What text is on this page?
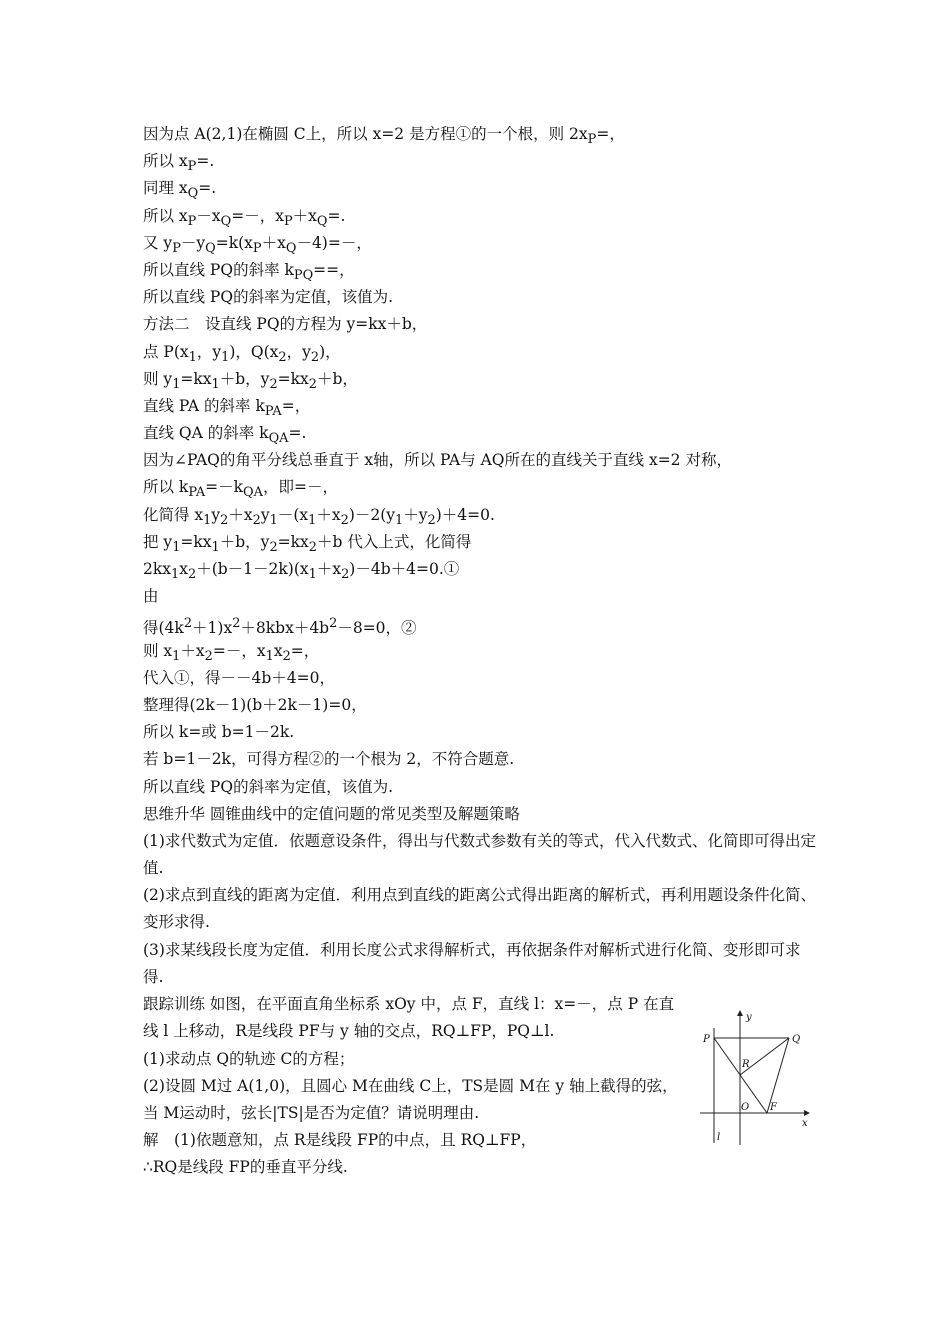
因为点 A(2,1)在椭圆 C上，所以 x=2 是方程①的一个根，则 $2x_P=$，
所以 $x_P=$.
同理 $x_Q=$.
所以 $x_P-x_Q=-$，$x_P+x_Q=$.
又 $y_P-y_Q=k(x_P+x_Q-4)=-$，
所以直线 PQ的斜率 $k_{PQ}==$，
所以直线 PQ的斜率为定值，该值为.
方法二　设直线 PQ的方程为 y=kx＋b，
点 $P(x_1$，$y_1$)，$Q(x_2$，$y_2$)，
则 $y_1=kx_1+b$，$y_2=kx_2+b$，
直线 PA 的斜率 $k_{PA}=$，
直线 QA 的斜率 $k_{QA}=$.
因为∠PAQ的角平分线总垂直于 x轴，所以 PA与 AQ所在的直线关于直线 x=2 对称，
所以 $k_{PA}=-k_{QA}$，即=－，
化简得 $x_1y_2+x_2y_1-(x_1+x_2)-2(y_1+y_2)+4=0$.
把 $y_1=kx_1+b$，$y_2=kx_2+b$ 代入上式，化简得
$2kx_1x_2+(b-1-2k)(x_1+x_2)-4b+4=0.①$
由
得$(4k^2+1)x^2+8kbx+4b^2-8=0$，②
则 $x_1+x_2=-$，$x_1x_2=$，
代入①，得－－4b＋4=0，
整理得(2k－1)(b＋2k－1)=0，
所以 k=或 b=1－2k.
若 b=1－2k，可得方程②的一个根为 2，不符合题意.
所以直线 PQ的斜率为定值，该值为.
思维升华 圆锥曲线中的定值问题的常见类型及解题策略
(1)求代数式为定值．依题意设条件，得出与代数式参数有关的等式，代入代数式、化简即可得出定值.
(2)求点到直线的距离为定值．利用点到直线的距离公式得出距离的解析式，再利用题设条件化简、变形求得.
(3)求某线段长度为定值．利用长度公式求得解析式，再依据条件对解析式进行化简、变形即可求得.
跟踪训练 如图，在平面直角坐标系 xOy 中，点 F，直线 l：x=－，点 P 在直线 l 上移动，R是线段 PF与 y 轴的交点，RQ⊥FP，PQ⊥l.
(1)求动点 Q的轨迹 C的方程；
(2)设圆 M过 A(1,0)，且圆心 M在曲线 C上，TS是圆 M在 y 轴上截得的弦，当 M运动时，弦长|TS|是否为定值？请说明理由.
解　(1)依题意知，点 R是线段 FP的中点，且 RQ⊥FP，
∴RQ是线段 FP的垂直平分线.
y
P	Q
R
O F
x
l
